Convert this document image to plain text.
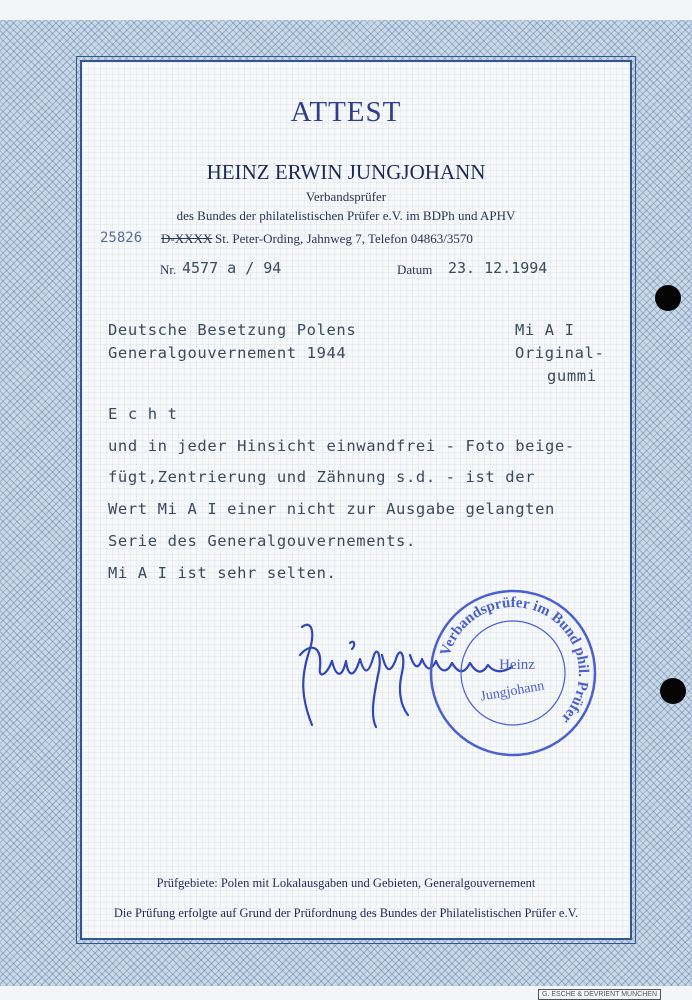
ATTEST
HEINZ ERWIN JUNGJOHANN
Verbandsprüfer
des Bundes der philatelistischen Prüfer e.V. im BDPh und APHV
25826 D-XXXX St. Peter-Ording, Jahnweg 7, Telefon 04863/3570
Nr. 4577 a / 94	Datum 23. 12.1994
Deutsche Besetzung Polens
Generalgouvernement 1944
Mi A I
Original-
gummi
E c h t
und in jeder Hinsicht einwandfrei - Foto beige-
fügt,Zentrierung und Zähnung s.d. - ist der
Wert Mi A I einer nicht zur Ausgabe gelangten
Serie des Generalgouvernements.
Mi A I ist sehr selten.
Verbandsprüfer im Bund phil. Prüfer
Heinz
Jungjohann
Prüfgebiete: Polen mit Lokalausgaben und Gebieten, Generalgouvernement
Die Prüfung erfolgte auf Grund der Prüfordnung des Bundes der Philatelistischen Prüfer e.V.
G. ESCHE & DEVRIENT MÜNCHEN
